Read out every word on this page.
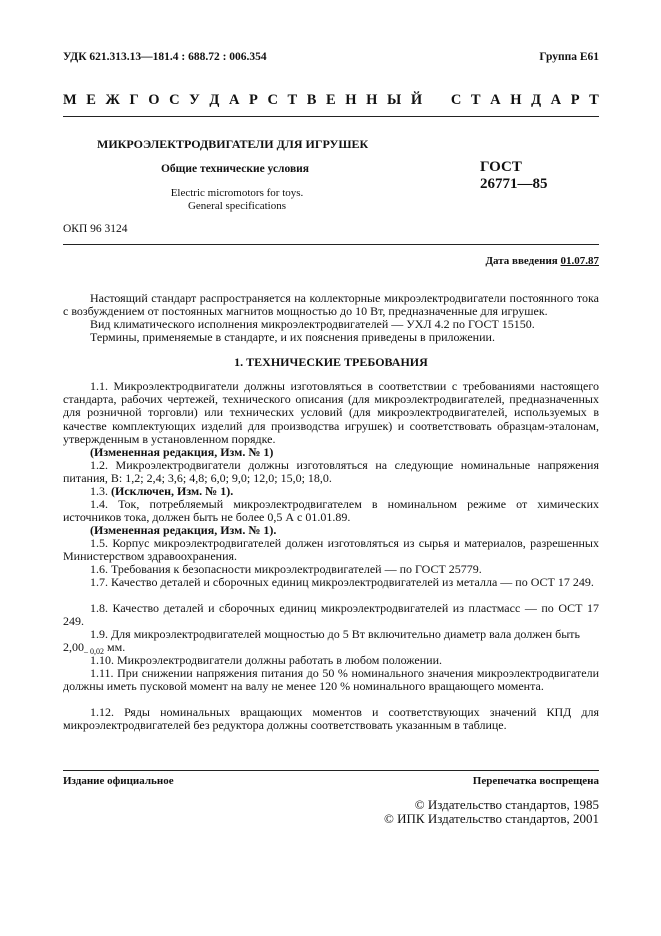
УДК 621.313.13—181.4 : 688.72 : 006.354	Группа Е61
М Е Ж Г О С У Д А Р С Т В Е Н Н Ы Й С Т А Н Д А Р Т
МИКРОЭЛЕКТРОДВИГАТЕЛИ ДЛЯ ИГРУШЕК
Общие технические условия
Electric micromotors for toys.
General specifications
ГОСТ
26771—85
ОКП 96 3124
Дата введения 01.07.87
Настоящий стандарт распространяется на коллекторные микроэлектродвигатели постоянного тока с возбуждением от постоянных магнитов мощностью до 10 Вт, предназначенные для игрушек.
Вид климатического исполнения микроэлектродвигателей — УХЛ 4.2 по ГОСТ 15150.
Термины, применяемые в стандарте, и их пояснения приведены в приложении.
1. ТЕХНИЧЕСКИЕ ТРЕБОВАНИЯ
1.1. Микроэлектродвигатели должны изготовляться в соответствии с требованиями настоящего стандарта, рабочих чертежей, технического описания (для микроэлектродвигателей, предназначенных для розничной торговли) или технических условий (для микроэлектродвигателей, используемых в качестве комплектующих изделий для производства игрушек) и соответствовать образцам-эталонам, утвержденным в установленном порядке.
(Измененная редакция, Изм. № 1)
1.2. Микроэлектродвигатели должны изготовляться на следующие номинальные напряжения питания, В: 1,2; 2,4; 3,6; 4,8; 6,0; 9,0; 12,0; 15,0; 18,0.
1.3. (Исключен, Изм. № 1).
1.4. Ток, потребляемый микроэлектродвигателем в номинальном режиме от химических источников тока, должен быть не более 0,5 А с 01.01.89.
(Измененная редакция, Изм. № 1).
1.5. Корпус микроэлектродвигателей должен изготовляться из сырья и материалов, разрешенных Министерством здравоохранения.
1.6. Требования к безопасности микроэлектродвигателей — по ГОСТ 25779.
1.7. Качество деталей и сборочных единиц микроэлектродвигателей из металла — по ОСТ 17 249.
1.8. Качество деталей и сборочных единиц микроэлектродвигателей из пластмасс — по ОСТ 17 249.
1.9. Для микроэлектродвигателей мощностью до 5 Вт включительно диаметр вала должен быть
$2,00_{- 0,02}$ мм.
1.10. Микроэлектродвигатели должны работать в любом положении.
1.11. При снижении напряжения питания до 50 % номинального значения микроэлектродвигатели должны иметь пусковой момент на валу не менее 120 % номинального вращающего момента.
1.12. Ряды номинальных вращающих моментов и соответствующих значений КПД для микроэлектродвигателей без редуктора должны соответствовать указанным в таблице.
Издание официальное	Перепечатка воспрещена
© Издательство стандартов, 1985
© ИПК Издательство стандартов, 2001
